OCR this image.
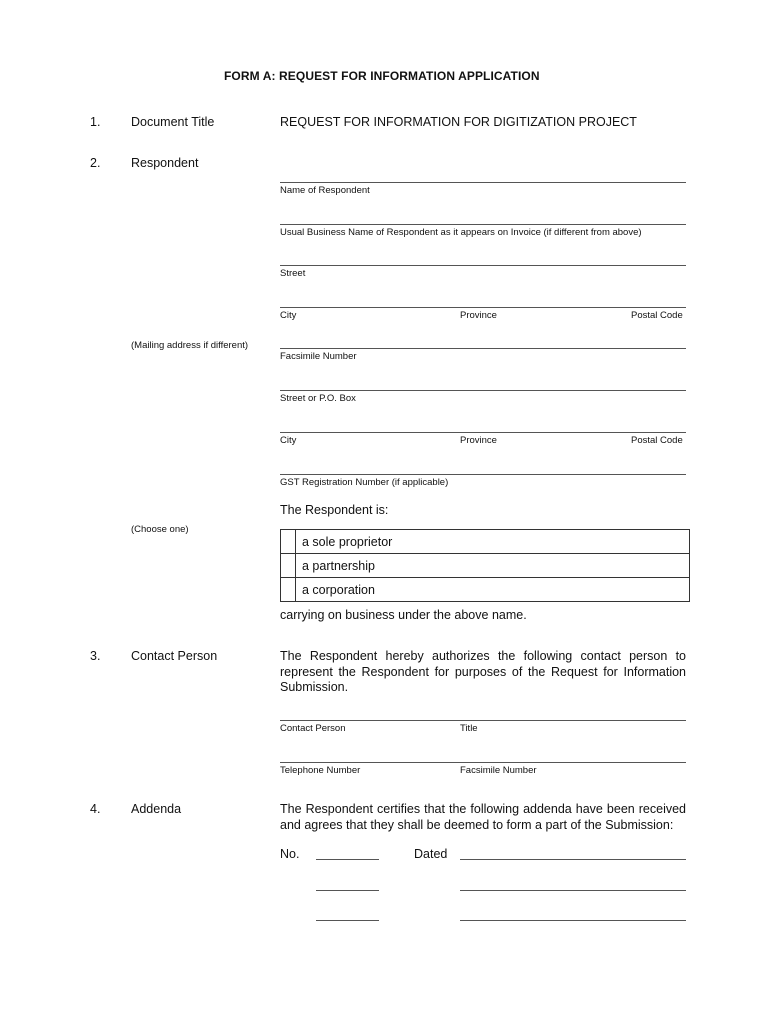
FORM A: REQUEST FOR INFORMATION APPLICATION
1. Document Title	REQUEST FOR INFORMATION FOR DIGITIZATION PROJECT
2. Respondent
Name of Respondent
Usual Business Name of Respondent as it appears on Invoice (if different from above)
Street
City	Province	Postal Code
(Mailing address if different)
Facsimile Number
Street or P.O. Box
City	Province	Postal Code
GST Registration Number (if applicable)
The Respondent is:
(Choose one)
	a sole proprietor
	a partnership
	a corporation
carrying on business under the above name.
3. Contact Person	The Respondent hereby authorizes the following contact person to represent the Respondent for purposes of the Request for Information Submission.
Contact Person	Title
Telephone Number	Facsimile Number
4. Addenda	The Respondent certifies that the following addenda have been received and agrees that they shall be deemed to form a part of the Submission:
No.	Dated
